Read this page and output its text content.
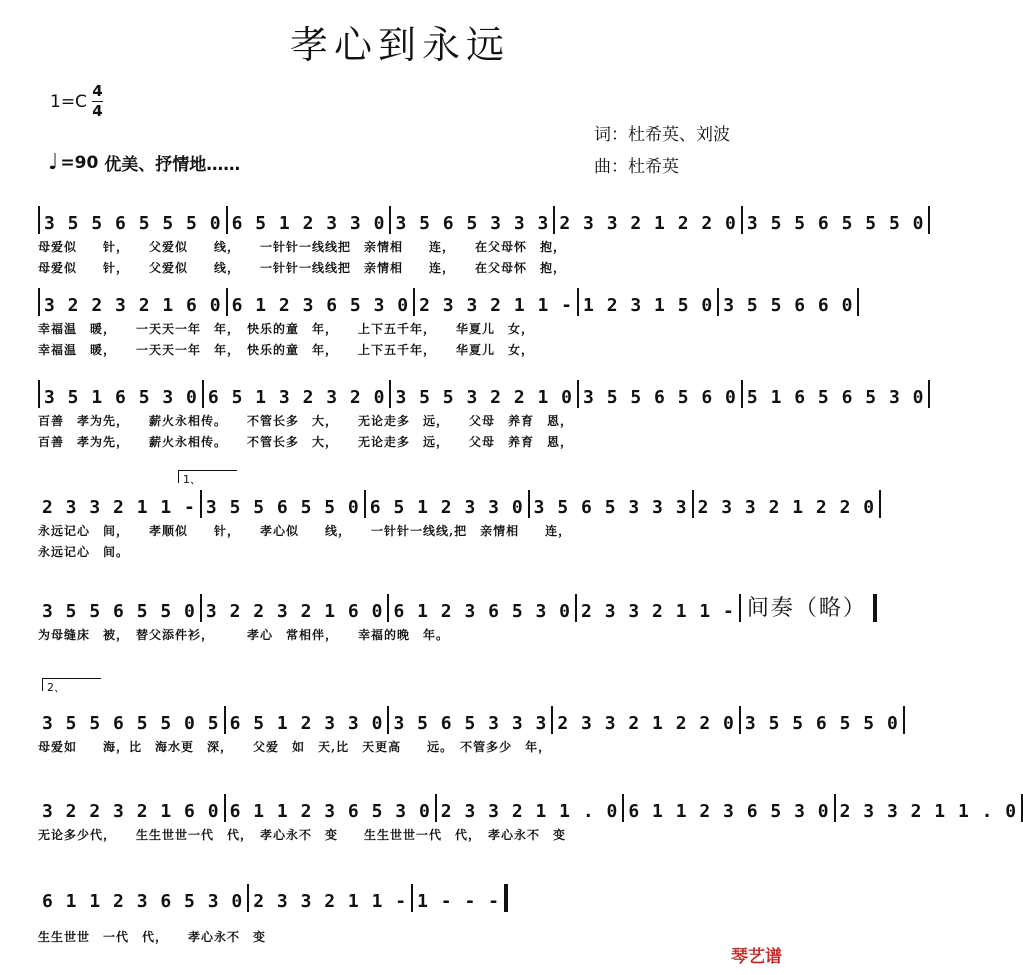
孝心到永远
1=C
4
4
词：杜希英、刘波
曲：杜希英
♩ =90 优美、抒情地……
3 5 5 6 5 5 5 0 6 5 1 2 3 3 0 3 5 6 5 3 3 3 2 3 3 2 1 2 2 0 3 5 5 6 5 5 5 0
母爱似　　针，　　父爱似　　线，　　一针针一线线把　亲情相　　连，　　在父母怀　抱，
母爱似　　针，　　父爱似　　线，　　一针针一线线把　亲情相　　连，　　在父母怀　抱，
3 2 2 3 2 1 6 0 6 1 2 3 6 5 3 0 2 3 3 2 1 1 - 1 2 3 1 5 0 3 5 5 6 6 0
幸福温　暖，　　一天天一年　年，　快乐的童　年，　　上下五千年，　　华夏儿　女，
幸福温　暖，　　一天天一年　年，　快乐的童　年，　　上下五千年，　　华夏儿　女，
3 5 1 6 5 3 0 6 5 1 3 2 3 2 0 3 5 5 3 2 2 1 0 3 5 5 6 5 6 0 5 1 6 5 6 5 3 0
百善　孝为先，　　薪火永相传。　　不管长多　大，　　无论走多　远，　　父母　养育　恩，
百善　孝为先，　　薪火永相传。　　不管长多　大，　　无论走多　远，　　父母　养育　恩，
1、
2 3 3 2 1 1 - 3 5 5 6 5 5 0 6 5 1 2 3 3 0 3 5 6 5 3 3 3 2 3 3 2 1 2 2 0
永远记心　间，　　孝顺似　　针，　　孝心似　　线，　　一针针一线线,把　亲情相　　连，
永远记心　间。
3 5 5 6 5 5 0 3 2 2 3 2 1 6 0 6 1 2 3 6 5 3 0 2 3 3 2 1 1 - 间奏（略）
为母缝床　被，　替父添件衫，　　　孝心　常相伴，　　幸福的晚　年。
2、
3 5 5 6 5 5 0 5 6 5 1 2 3 3 0 3 5 6 5 3 3 3 2 3 3 2 1 2 2 0 3 5 5 6 5 5 0
母爱如　　海，比　海水更　深，　　父爱　如　天,比　天更高　　远。　不管多少　年，
3 2 2 3 2 1 6 0 6 1 1 2 3 6 5 3 0 2 3 3 2 1 1 . 0 6 1 1 2 3 6 5 3 0 2 3 3 2 1 1 . 0
无论多少代，　　生生世世一代　代，　孝心永不　变　　生生世世一代　代，　孝心永不　变
6 1 1 2 3 6 5 3 0 2 3 3 2 1 1 - 1 - - -
生生世世　一代　代，　　孝心永不　变
琴艺谱
